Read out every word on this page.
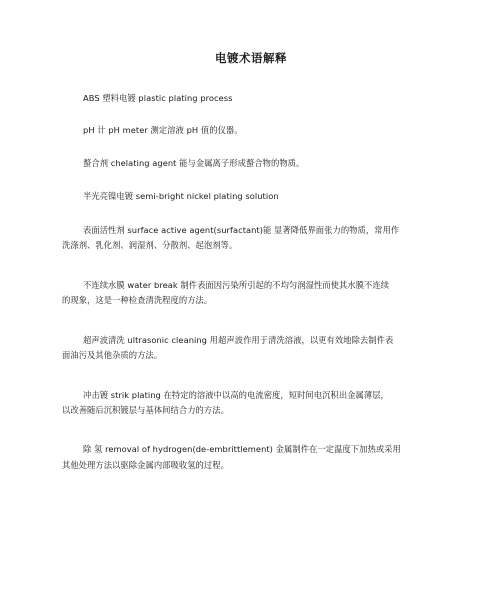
电镀术语解释
ABS 塑料电镀 plastic plating process
pH 计 pH meter 测定溶液 pH 值的仪器。
螯合剂 chelating agent 能与金属离子形成螯合物的物质。
半光亮镍电镀 semi-bright nickel plating solution
表面活性剂 surface active agent(surfactant)能 显著降低界面张力的物质，常用作
洗涤剂、乳化剂、润湿剂、分散剂、起泡剂等。
不连续水膜 water break 制件表面因污染所引起的不均匀润湿性而使其水膜不连续
的现象，这是一种检查清洗程度的方法。
超声波清洗 ultrasonic cleaning 用超声波作用于清洗溶液，以更有效地除去制件表
面油污及其他杂质的方法。
冲击镀 strik plating 在特定的溶液中以高的电流密度，短时间电沉积出金属薄层，
以改善随后沉积镀层与基体间结合力的方法。
除 氢 removal of hydrogen(de-embrittlement) 金属制件在一定温度下加热或采用
其他处理方法以驱除金属内部吸收氢的过程。
